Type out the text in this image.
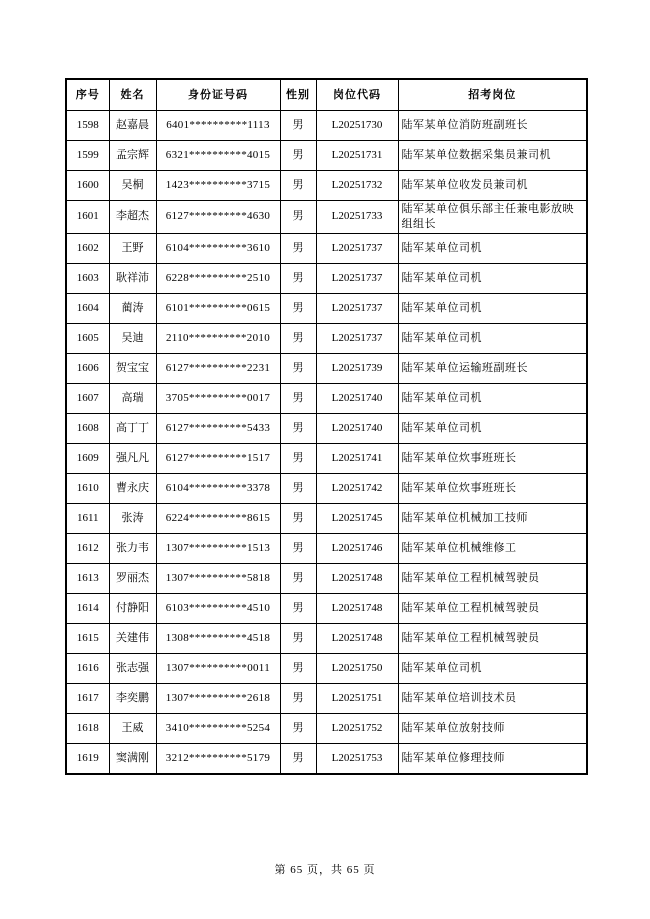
序号	姓名	身份证号码	性别	岗位代码	招考岗位
1598	赵嘉晨	6401**********1113	男	L20251730	陆军某单位消防班副班长
1599	孟宗辉	6321**********4015	男	L20251731	陆军某单位数据采集员兼司机
1600	吴桐	1423**********3715	男	L20251732	陆军某单位收发员兼司机
1601	李超杰	6127**********4630	男	L20251733	陆军某单位俱乐部主任兼电影放映组组长
1602	王野	6104**********3610	男	L20251737	陆军某单位司机
1603	耿祥沛	6228**********2510	男	L20251737	陆军某单位司机
1604	蔺涛	6101**********0615	男	L20251737	陆军某单位司机
1605	吴迪	2110**********2010	男	L20251737	陆军某单位司机
1606	贺宝宝	6127**********2231	男	L20251739	陆军某单位运输班副班长
1607	高瑞	3705**********0017	男	L20251740	陆军某单位司机
1608	高丁丁	6127**********5433	男	L20251740	陆军某单位司机
1609	强凡凡	6127**********1517	男	L20251741	陆军某单位炊事班班长
1610	曹永庆	6104**********3378	男	L20251742	陆军某单位炊事班班长
1611	张涛	6224**********8615	男	L20251745	陆军某单位机械加工技师
1612	张力韦	1307**********1513	男	L20251746	陆军某单位机械维修工
1613	罗丽杰	1307**********5818	男	L20251748	陆军某单位工程机械驾驶员
1614	付静阳	6103**********4510	男	L20251748	陆军某单位工程机械驾驶员
1615	关建伟	1308**********4518	男	L20251748	陆军某单位工程机械驾驶员
1616	张志强	1307**********0011	男	L20251750	陆军某单位司机
1617	李奕鹏	1307**********2618	男	L20251751	陆军某单位培训技术员
1618	王威	3410**********5254	男	L20251752	陆军某单位放射技师
1619	窦满刚	3212**********5179	男	L20251753	陆军某单位修理技师
第 65 页，共 65 页
